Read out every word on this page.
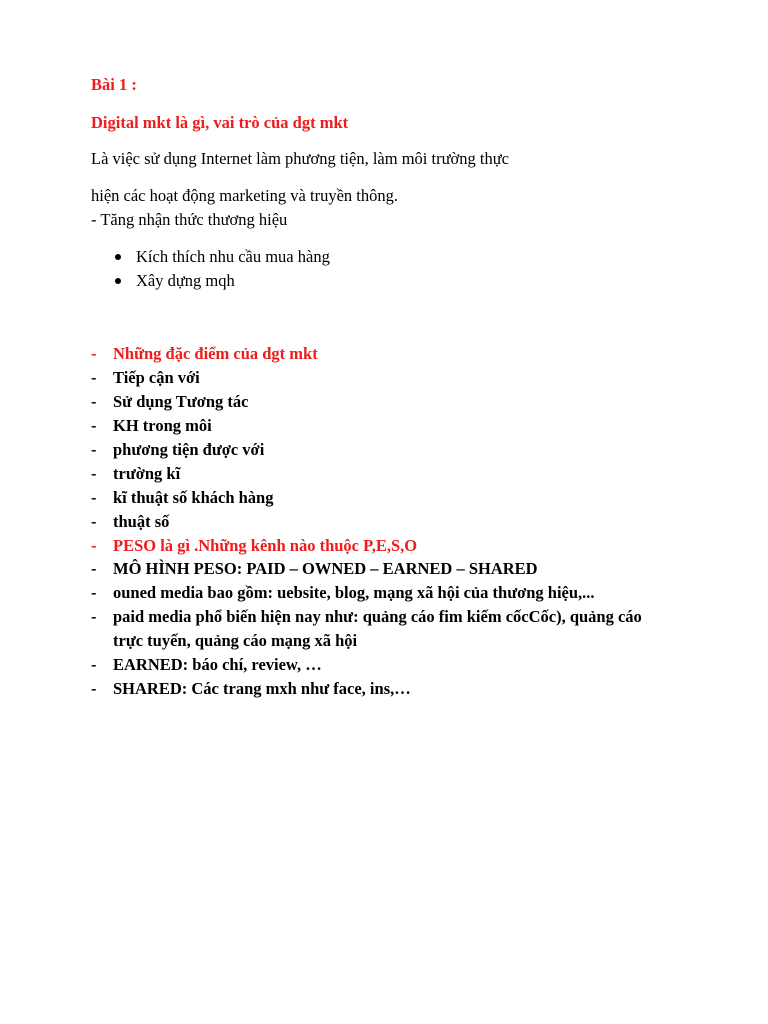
Bài 1 :
Digital mkt là gì, vai trò của dgt mkt
Là việc sử dụng Internet làm phương tiện, làm môi trường thực
hiện các hoạt động marketing và truyền thông.
- Tăng nhận thức thương hiệu
Kích thích nhu cầu mua hàng
Xây dựng mqh
- Những đặc điểm của dgt mkt
- Tiếp cận với
- Sử dụng Tương tác
- KH trong môi
- phương tiện được với
- trường kĩ
- kĩ thuật số khách hàng
- thuật số
- PESO là gì .Những kênh nào thuộc P,E,S,O
- MÔ HÌNH PESO: PAID – OWNED – EARNED – SHARED
- ouned media bao gồm: uebsite, blog, mạng xã hội của thương hiệu,...
- paid media phổ biến hiện nay như: quảng cáo fim kiếm cốcCốc), quảng cáo
trực tuyến, quảng cáo mạng xã hội
- EARNED: báo chí, review, …
- SHARED: Các trang mxh như face, ins,…
